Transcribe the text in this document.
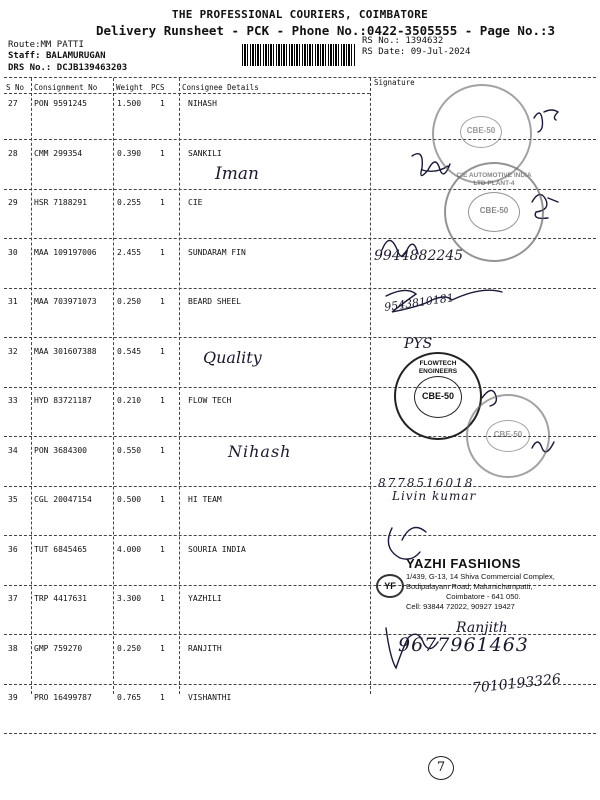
THE PROFESSIONAL COURIERS, COIMBATORE
Delivery Runsheet - PCK - Phone No.:0422-3505555 - Page No.:3
Route:MM PATTI
Staff: BALAMURUGAN
DRS No.: DCJB139463203
RS No.: 1394632
RS Date: 09-Jul-2024
S No Consignment No	Weight PCS Consignee Details
Signature
27 PON 9591245	1.500 1	NIHASH
28 CMM 299354	0.390 1	SANKILI
29 HSR 7188291	0.255 1	CIE
30 MAA 109197006	2.455 1	SUNDARAM FIN
31 MAA 703971073	0.250 1	BEARD SHEEL
32 MAA 301607388	0.545 1
33 HYD 83721187	0.210 1	FLOW TECH
34 PON 3684300	0.550 1
35 CGL 20047154	0.500 1	HI TEAM
36 TUT 6845465	4.000 1	SOURIA INDIA
37 TRP 4417631	3.300 1	YAZHILI
38 GMP 759270	0.250 1	RANJITH
39 PRO 16499787	0.765 1	VISHANTHI
Iman
Quality
Nihash
8778516018
Livin kumar
9944882245
9543810181
PYS
Ranjith
9677961463
7010193326
CBE-50
CIE AUTOMOTIVE INDIA LTD PLANT-4
CBE-50
FLOWTECH ENGINEERS
CBE-50
CBE-50
YAZHI FASHIONS
YF
1/439, G-13, 14 Shiva Commercial Complex,
Bodipalayam Road, Malumichampatti,
Coimbatore - 641 050.
Cell: 93844 72022, 90927 19427
7
